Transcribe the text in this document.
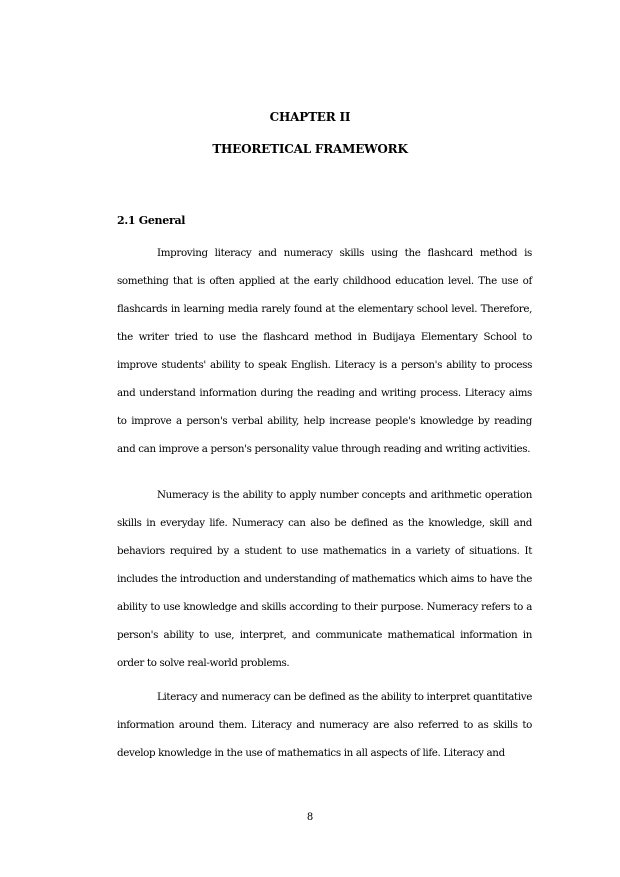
CHAPTER II
THEORETICAL FRAMEWORK
2.1 General

Improving literacy and numeracy skills using the flashcard method is something that is often applied at the early childhood education level. The use of flashcards in learning media rarely found at the elementary school level. Therefore, the writer tried to use the flashcard method in Budijaya Elementary School to improve students' ability to speak English. Literacy is a person's ability to process and understand information during the reading and writing process. Literacy aims to improve a person's verbal ability, help increase people's knowledge by reading and can improve a person's personality value through reading and writing activities.

Numeracy is the ability to apply number concepts and arithmetic operation skills in everyday life. Numeracy can also be defined as the knowledge, skill and behaviors required by a student to use mathematics in a variety of situations. It includes the introduction and understanding of mathematics which aims to have the ability to use knowledge and skills according to their purpose. Numeracy refers to a person's ability to use, interpret, and communicate mathematical information in order to solve real-world problems.

Literacy and numeracy can be defined as the ability to interpret quantitative information around them. Literacy and numeracy are also referred to as skills to develop knowledge in the use of mathematics in all aspects of life. Literacy and

8
